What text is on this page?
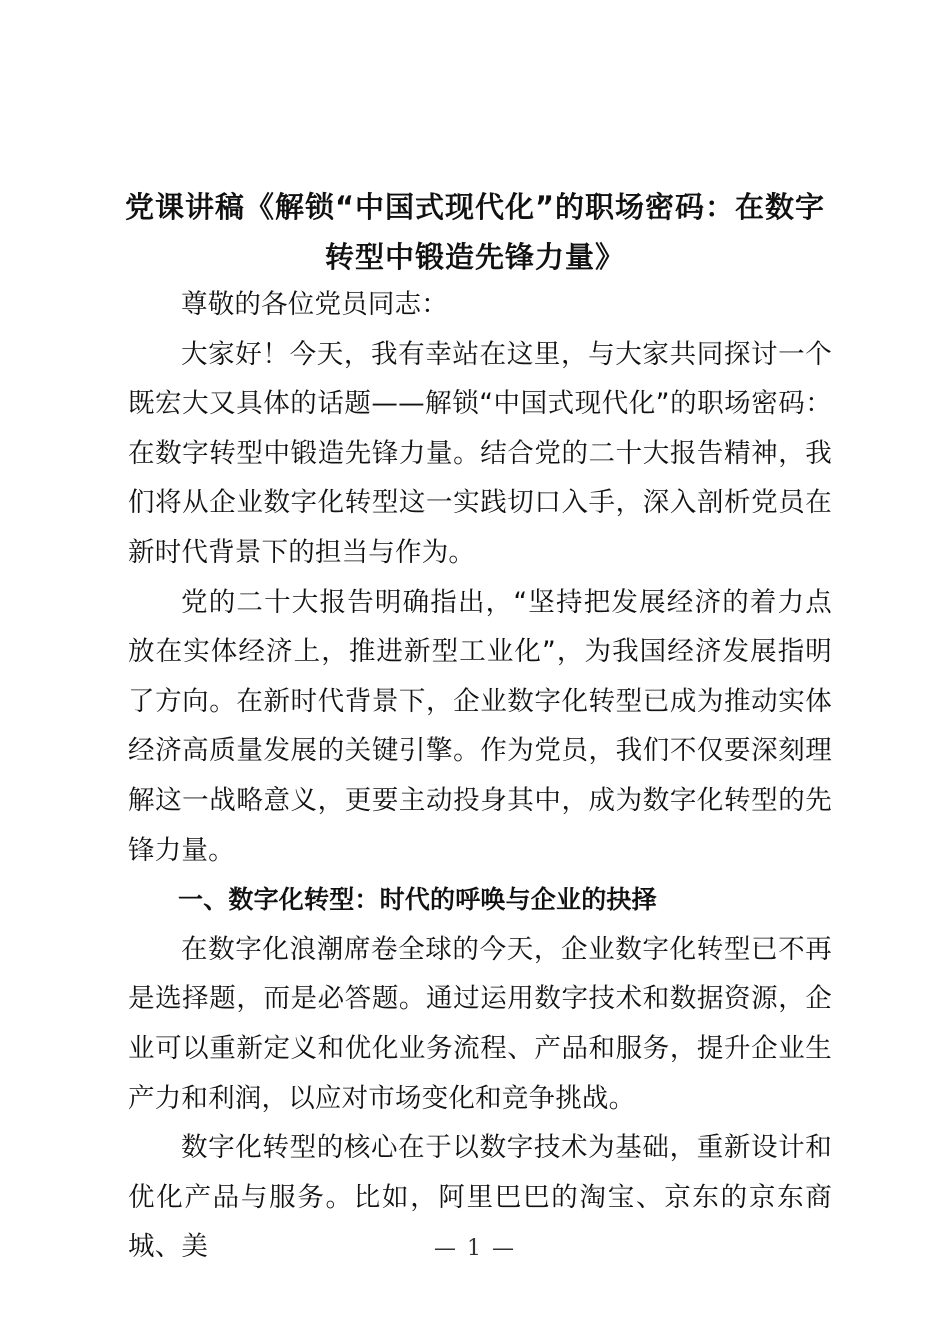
党课讲稿《解锁“中国式现代化”的职场密码：在数字转型中锻造先锋力量》

尊敬的各位党员同志：

大家好！今天，我有幸站在这里，与大家共同探讨一个既宏大又具体的话题——解锁“中国式现代化”的职场密码：在数字转型中锻造先锋力量。结合党的二十大报告精神，我们将从企业数字化转型这一实践切口入手，深入剖析党员在新时代背景下的担当与作为。

党的二十大报告明确指出，“坚持把发展经济的着力点放在实体经济上，推进新型工业化”，为我国经济发展指明了方向。在新时代背景下，企业数字化转型已成为推动实体经济高质量发展的关键引擎。作为党员，我们不仅要深刻理解这一战略意义，更要主动投身其中，成为数字化转型的先锋力量。

一、数字化转型：时代的呼唤与企业的抉择

在数字化浪潮席卷全球的今天，企业数字化转型已不再是选择题，而是必答题。通过运用数字技术和数据资源，企业可以重新定义和优化业务流程、产品和服务，提升企业生产力和利润，以应对市场变化和竞争挑战。

数字化转型的核心在于以数字技术为基础，重新设计和优化产品与服务。比如，阿里巴巴的淘宝、京东的京东商城、美	— 1 —
